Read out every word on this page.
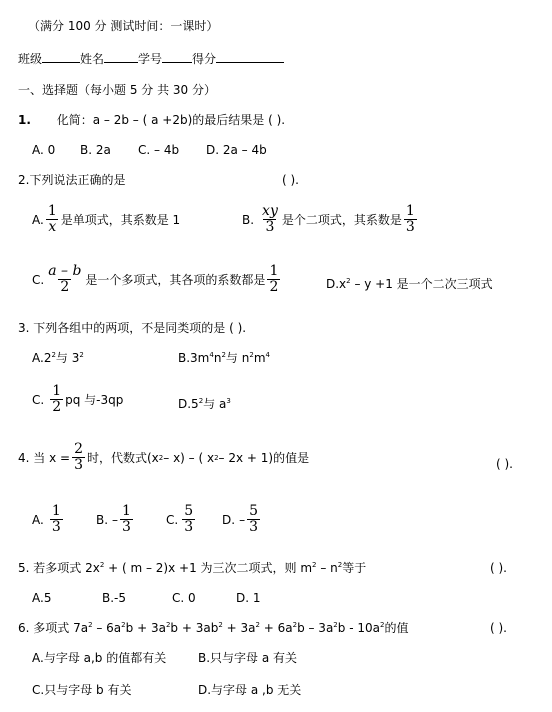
（满分 100 分 测试时间：一课时）
班级	姓名	学号	得分
一、选择题（每小题 5 分 共 30 分）
1. 化简：a – 2b – ( a +2b)的最后结果是 ( ).
A. 0 B. 2a C. – 4b D. 2a – 4b
2.下列说法正确的是	( ).
A. $\frac{1}{x}$ 是单项式，其系数是 1	B. $\frac{xy}{3}$ 是个二项式，其系数是 $\frac{1}{3}$
C. $\frac{a - b}{2}$ 是一个多项式，其各项的系数都是 $\frac{1}{2}$	$D.x^2 - y +1$ 是一个二次三项式
3. 下列各组中的两项，不是同类项的是 ( ).
$A.2^2$与 $3^2$	$B.3m^4n^2$与 $n^2m^4$
C. $\frac{1}{2}$ pq 与-3qp	$D.5^2$与 $a^3$
4. 当 $x = \frac{2}{3}$ 时，代数式(x 2 – x) – ( x 2 – 2x + 1)的值是	( ).
A. $\frac{1}{3}$	B. – $\frac{1}{3}$	C. $\frac{5}{3} D$. – $\frac{5}{3}$
5. 若多项式 $2x^2$ + ( m – 2)x +1 为三次二项式，则 $m^2 - n^2$等于	( ).
A.5	B.-5	C. 0	D. 1
6. 多项式 $7a^2 - 6a^2b + 3a^2b + 3ab^2 + 3a^2 + 6a^2b - 3a^2b - 10a^2$的值	( ).
A.与字母 a,b 的值都有关	B.只与字母 a 有关
C.只与字母 b 有关	D.与字母 a ,b 无关
